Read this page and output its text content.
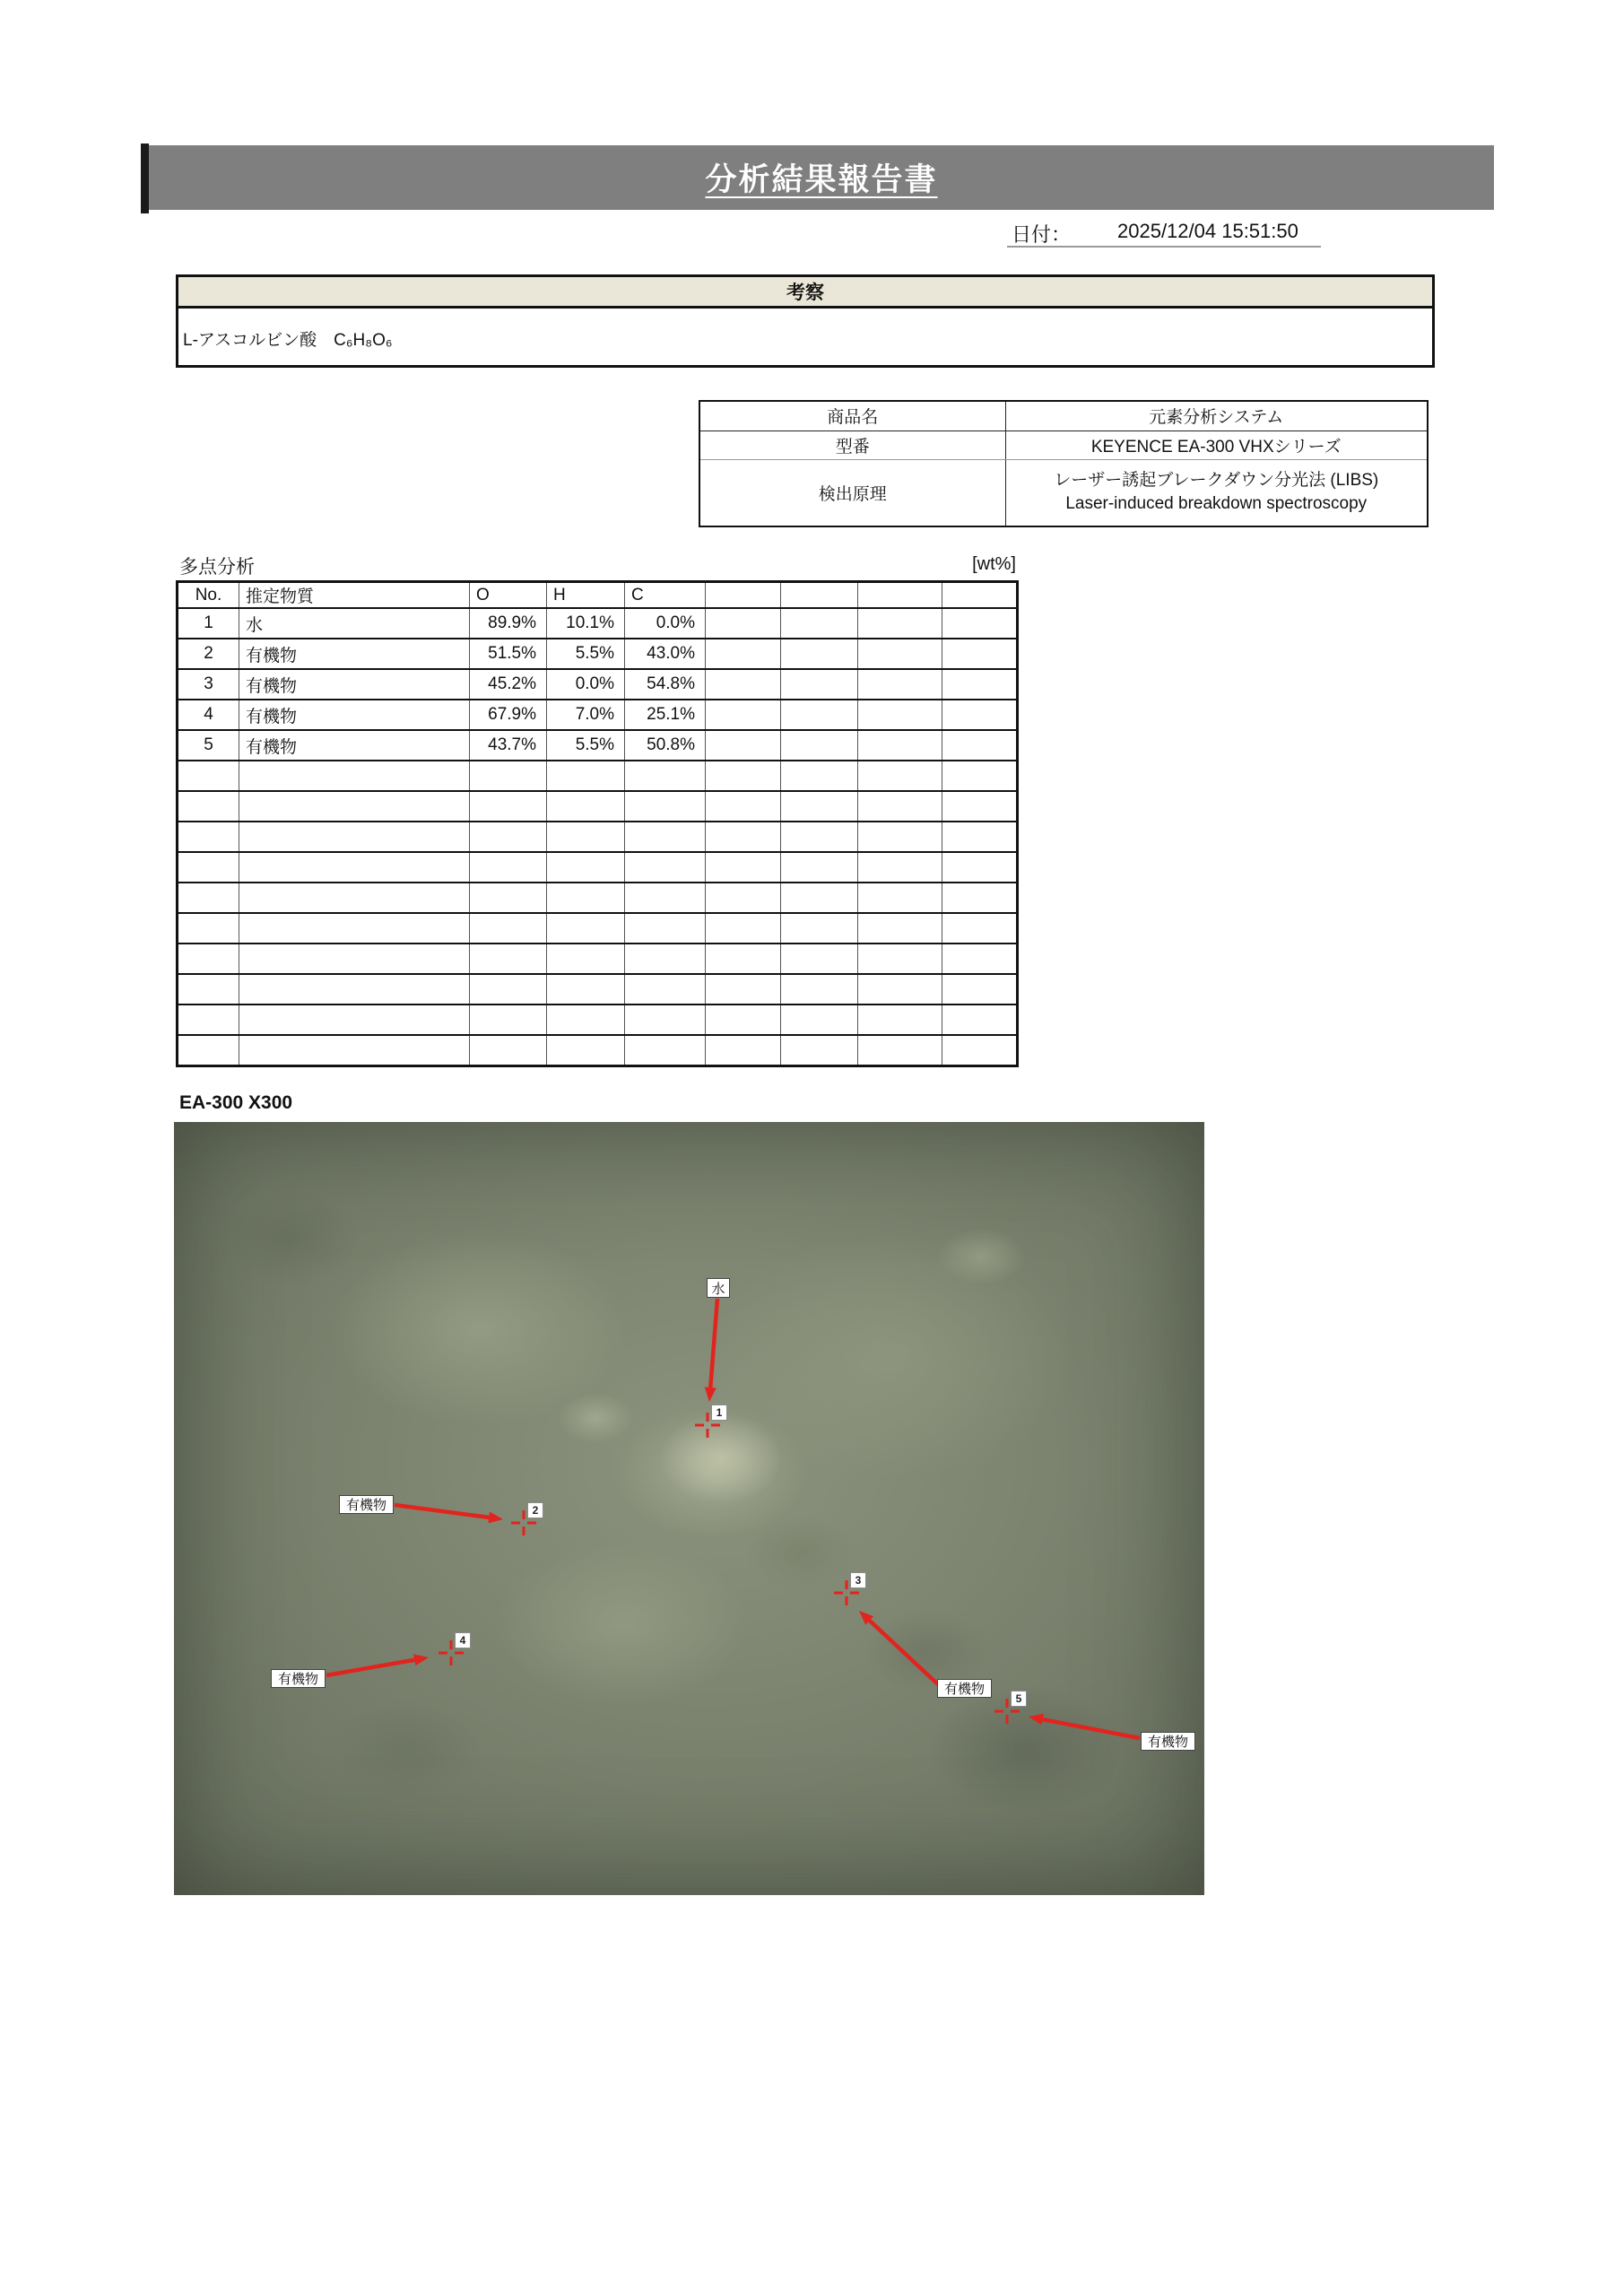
分析結果報告書
日付： 2025/12/04 15:51:50
考察
L-アスコルビン酸　C₆H₈O₆
商品名	元素分析システム
型番	KEYENCE EA-300 VHXシリーズ
検出原理	レーザー誘起ブレークダウン分光法 (LIBS)
Laser-induced breakdown spectroscopy
多点分析	[wt%]
No.	推定物質	O	H	C				
1	水	89.9%	10.1%	0.0%				
2	有機物	51.5%	5.5%	43.0%				
3	有機物	45.2%	0.0%	54.8%				
4	有機物	67.9%	7.0%	25.1%				
5	有機物	43.7%	5.5%	50.8%				

EA-300 X300
1
水
2
有機物
3
有機物
4
有機物
5
有機物
